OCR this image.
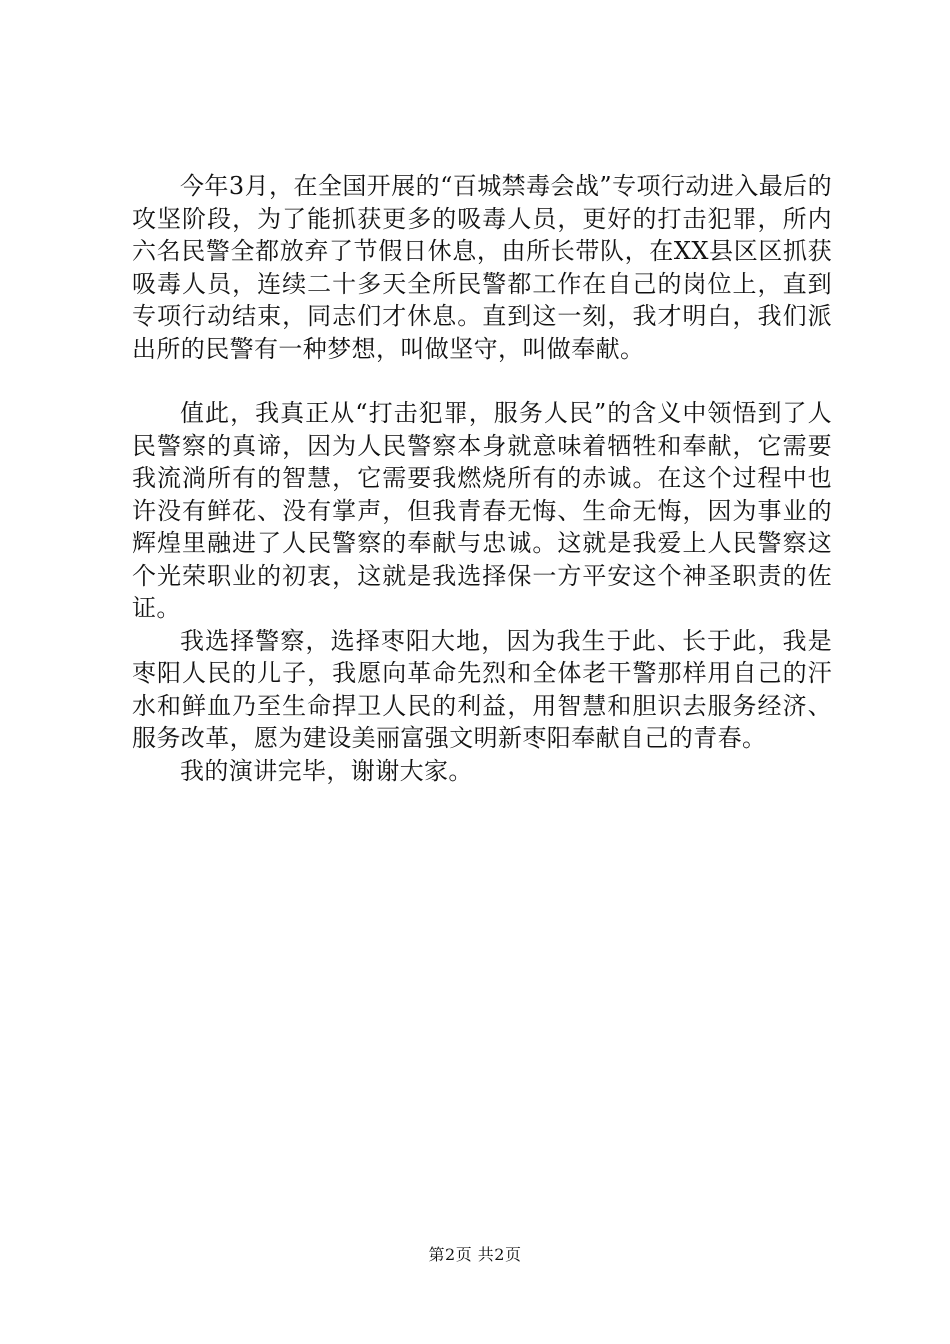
今年3月，在全国开展的“百城禁毒会战”专项行动进入最后的攻坚阶段，为了能抓获更多的吸毒人员，更好的打击犯罪，所内六名民警全都放弃了节假日休息，由所长带队，在XX县区区抓获吸毒人员，连续二十多天全所民警都工作在自己的岗位上，直到专项行动结束，同志们才休息。直到这一刻，我才明白，我们派出所的民警有一种梦想，叫做坚守，叫做奉献。

值此，我真正从“打击犯罪，服务人民”的含义中领悟到了人民警察的真谛，因为人民警察本身就意味着牺牲和奉献，它需要我流淌所有的智慧，它需要我燃烧所有的赤诚。在这个过程中也许没有鲜花、没有掌声，但我青春无悔、生命无悔，因为事业的辉煌里融进了人民警察的奉献与忠诚。这就是我爱上人民警察这个光荣职业的初衷，这就是我选择保一方平安这个神圣职责的佐证。

我选择警察，选择枣阳大地，因为我生于此、长于此，我是枣阳人民的儿子，我愿向革命先烈和全体老干警那样用自己的汗水和鲜血乃至生命捍卫人民的利益，用智慧和胆识去服务经济、服务改革，愿为建设美丽富强文明新枣阳奉献自己的青春。

我的演讲完毕，谢谢大家。

第2页 共2页
